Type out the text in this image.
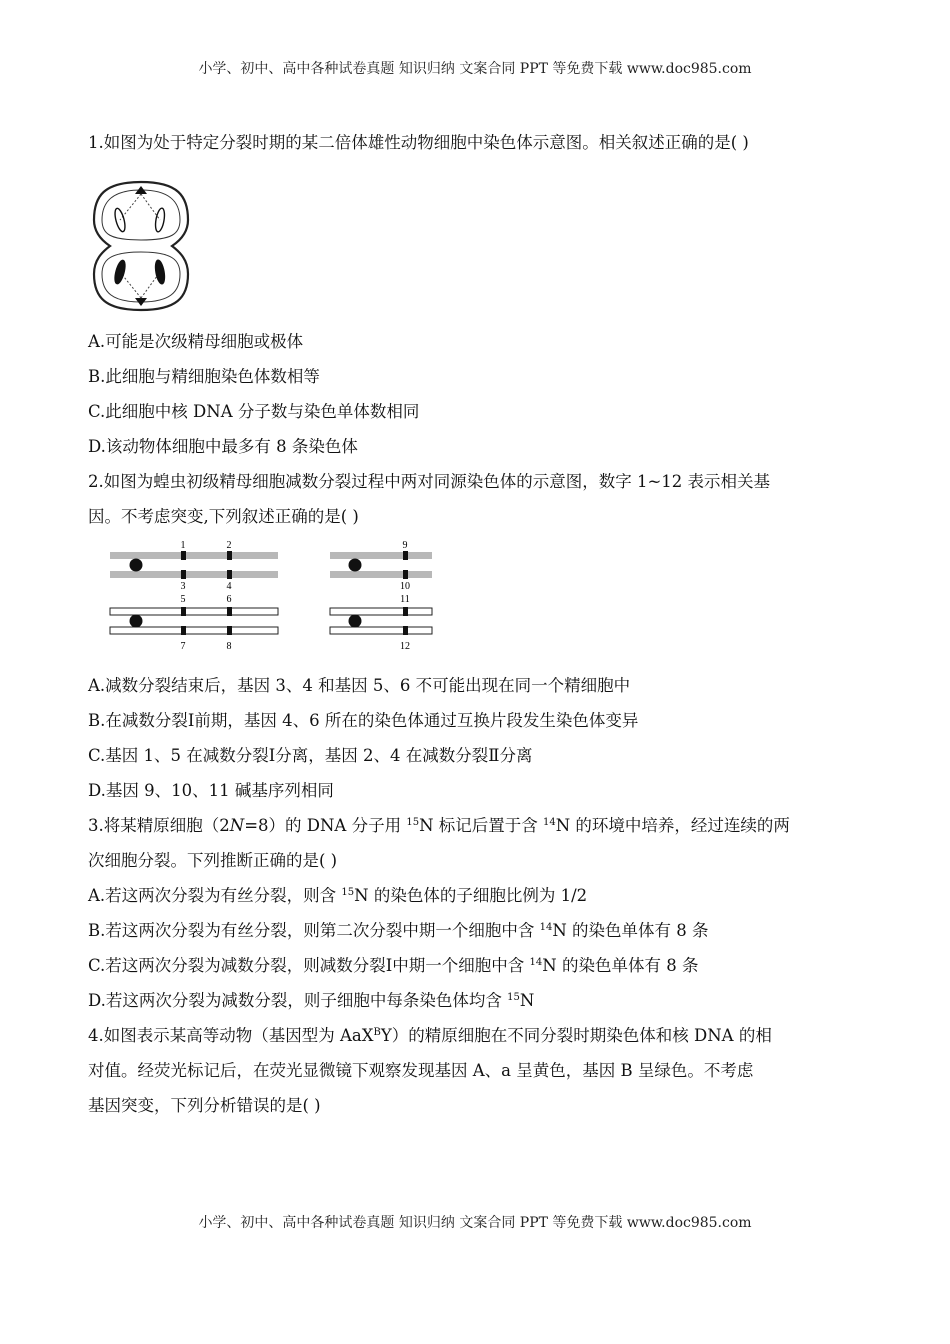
小学、初中、高中各种试卷真题 知识归纳 文案合同 PPT 等免费下载 www.doc985.com
1.如图为处于特定分裂时期的某二倍体雄性动物细胞中染色体示意图。相关叙述正确的是( )
A.可能是次级精母细胞或极体
B.此细胞与精细胞染色体数相等
C.此细胞中核 DNA 分子数与染色单体数相同
D.该动物体细胞中最多有 8 条染色体
2.如图为蝗虫初级精母细胞减数分裂过程中两对同源染色体的示意图，数字 1~12 表示相关基
因。不考虑突变,下列叙述正确的是( )
1	2
3	4
5	6
7	8
9
10
11
12
A.减数分裂结束后，基因 3、4 和基因 5、6 不可能出现在同一个精细胞中
B.在减数分裂Ⅰ前期，基因 4、6 所在的染色体通过互换片段发生染色体变异
C.基因 1、5 在减数分裂Ⅰ分离，基因 2、4 在减数分裂Ⅱ分离
D.基因 9、10、11 碱基序列相同
3.将某精原细胞（2N=8）的 DNA 分子用 $^{15}$N 标记后置于含 $^{14}$N 的环境中培养，经过连续的两
次细胞分裂。下列推断正确的是( )
A.若这两次分裂为有丝分裂，则含 $^{15}$N 的染色体的子细胞比例为 1/2
B.若这两次分裂为有丝分裂，则第二次分裂中期一个细胞中含 $^{14}$N 的染色单体有 8 条
C.若这两次分裂为减数分裂，则减数分裂Ⅰ中期一个细胞中含 $^{14}$N 的染色单体有 8 条
D.若这两次分裂为减数分裂，则子细胞中每条染色体均含 $^{15}$N
4.如图表示某高等动物（基因型为 AaX$^B$Y）的精原细胞在不同分裂时期染色体和核 DNA 的相
对值。经荧光标记后，在荧光显微镜下观察发现基因 A、a 呈黄色，基因 B 呈绿色。不考虑
基因突变，下列分析错误的是( )
小学、初中、高中各种试卷真题 知识归纳 文案合同 PPT 等免费下载 www.doc985.com
